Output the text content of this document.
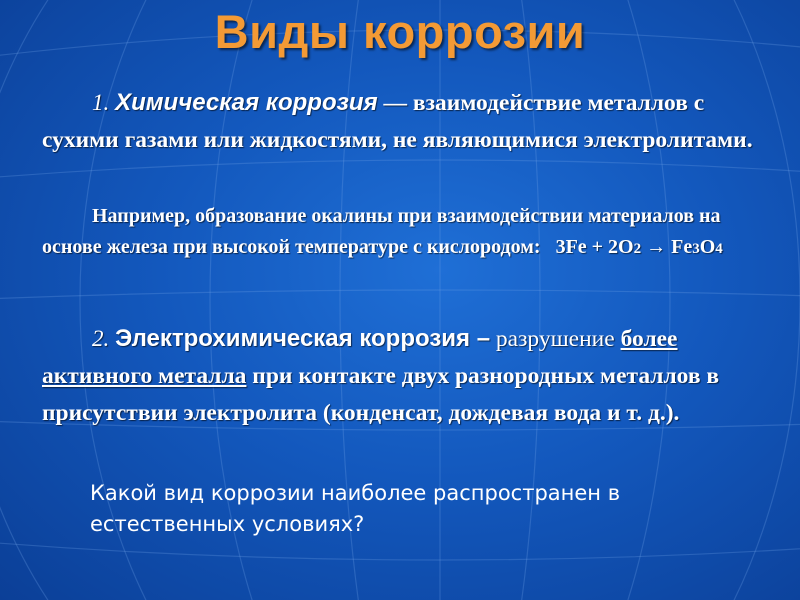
Виды коррозии
1. Химическая коррозия — взаимодействие металлов с сухими газами или жидкостями, не являющимися электролитами.
Например, образование окалины при взаимодействии материалов на основе железа при высокой температуре с кислородом: 3Fe + 2O2 → Fe3O4
2. Электрохимическая коррозия – разрушение более активного металла при контакте двух разнородных металлов в присутствии электролита (конденсат, дождевая вода и т. д.).
Какой вид коррозии наиболее распространен в естественных условиях?
